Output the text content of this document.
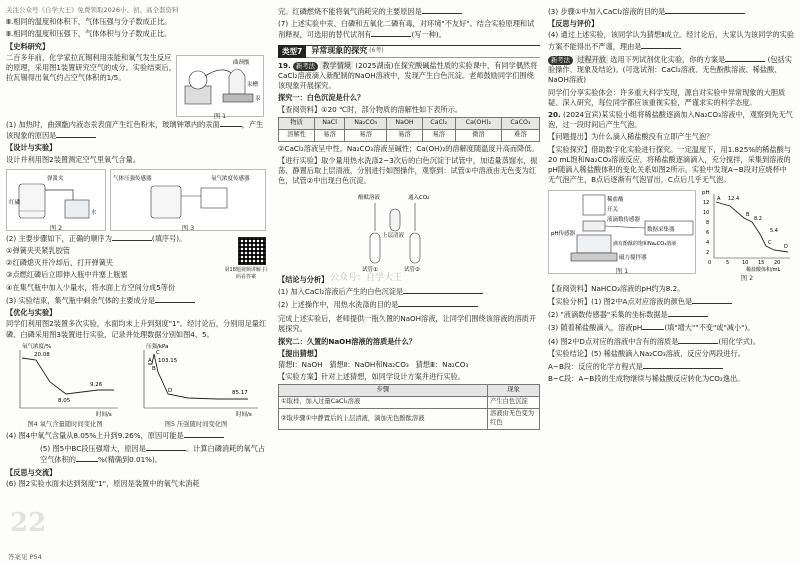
关注公众号《自学大王》免费领取2026小、初、高全套资料

Ⅲ.相同的温度和体积下，气体压强与分子数成正比。

Ⅲ.相同的温度和压强下，气体体积与分子数成正比。

【史料研究】

二百多年前，化学家拉瓦锡利用汞能和氧气发生反应的原理，采用图1装置研究空气的成分。实验结束后，拉瓦锡得出氧气约占空气体积的1/5。

曲颈甑
汞槽
汞
图 1

(1) 加热时，曲颈甑内液态汞表面产生红色粉末，玻璃钟罩内的汞面	，产生该现象的原因是

【设计与实验】

设计并利用图2装置测定空气里氧气含量。

弹簧夹
红磷
水
图 2
气体压强传感器	氧气浓度传感器
图 3

(2) 主要步骤如下，正确的顺序为	(填序号)。

①弹簧夹夹紧乳胶管

②红磷熄灭并冷却后，打开弹簧夹

③点燃红磷后立即伸入瓶中并塞上瓶塞

④在集气瓶中加入少量水，将水面上方空间分成5等份

第18题视频讲解 扫码看答案

(3) 实验结束，集气瓶中剩余气体的主要成分是

【优化与实验】

同学们利用图2装置多次实验，水面均未上升到刻度"1"。经讨论后，分别用足量红磷、白磷采用图3装置进行实验，记录并处理数据分别如图4、5。

氧气浓度/%
时间/s
20.08
8.05
9.26
图4 氧气含量随时间变化图
压强/kPa
时间/s
103.15
85.17
A
B
C
D
图5 压强随时间变化图

(4) 图4中氧气含量从8.05%上升到9.26%，原因可能是

(5) 图5中BC段压强增大，原因是	。计算白磷消耗的氧气占空气体积的	%(精确到0.01%)。

【反思与交流】

(6) 图2实验水面未达到刻度"1"，原因是装置中的氧气未消耗

完。红磷燃烧不能将氧气消耗完的主要原因是

(7) 上述实验中汞、白磷和五氧化二磷有毒，对环境"不友好"。结合实验原理和试剂释视，可选用的替代试剂有	(写一种)。

类型7	异常现象的探究 (6考)

19. 新考法 教学情境 (2025湖南)在探究酸碱盐性质的实验课中，有同学偶然将CaCl₂溶液滴入新配制的NaOH溶液中，发现产生白色沉淀。老师鼓励同学们围绕该现象开展探究。

探究一：白色沉淀是什么？

【查阅资料】①20 ℃时，部分物质的溶解性如下表所示。

物质	NaCl	Na₂CO₃	NaOH	CaCl₂	Ca(OH)₂	CaCO₃
溶解性	易溶	易溶	易溶	易溶	微溶	难溶

②CaCl₂溶液呈中性，Na₂CO₃溶液呈碱性；Ca(OH)₂的溶解度随温度升高而降低。

【进行实验】取少量用热水洗涤2~3次后的白色沉淀于试管中，加适量蒸馏水，振荡、静置后取上层清液，分别进行如图操作，观察到：试管①中溶液由无色变为红色，试管②中出现白色沉淀。

酚酞溶液	通入CO₂
上层清液
试管①	试管②
【结论与分析】

(1) 加入CaCl₂溶液后产生的白色沉淀是

(2) 上述操作中，用热水洗涤的目的是

完成上述实验后，老师提供一瓶久置的NaOH溶液，让同学们围绕该溶液的溶质开展探究。

探究二：久置的NaOH溶液的溶质是什么？
【提出猜想】

猜想Ⅰ：NaOH 猜想Ⅱ：NaOH和Na₂CO₃ 猜想Ⅲ：Na₂CO₃

【实验方案】针对上述猜想，如同学设计方案并进行实验。

步骤	现象
①取样，加入过量CaCl₂溶液	产生白色沉淀
②取步骤①中静置后的上层清液，滴加无色酚酞溶液	溶液由无色变为红色

(3) 步骤①中加入CaCl₂溶液的目的是

【反思与评价】

(4) 通过上述实验，该同学认为猜想Ⅱ成立。经讨论后，大家认为该同学的实验方案不能得出不严谨，理由是

新考法 过程开放 选用下列试剂优化实验，你的方案是	(包括实验操作、现象及结论)。(可选试剂：CaCl₂溶液、无色酚酞溶液、稀盐酸、NaOH溶液)

同学们分享实验体会：许多重大科学发现，源自对实验中异常现象的大胆质疑、深入研究，每位同学都应该重视实验，严谨求实的科学态度。

20. (2024宜宾)某实验小组将稀盐酸逐滴加入Na₂CO₃溶液中，观察到先无气泡，过一段时间后产生气泡。

【问题提出】为什么滴入稀盐酸没有立即产生气泡？

【实验探究】借助数字化实验进行探究。一定温度下，用1.825%的稀盐酸与20 mL饱和Na₂CO₃溶液反应，将稀盐酸逐滴滴入，充分搅拌，采集到溶液的pH随滴入稀盐酸体积的变化关系如图2所示。实验中发现A~B段对应烧杯中无气泡产生，B点后逐渐有气泡冒出，C点后几乎无气泡。

稀盐酸
开关
pH传感器
液滴数传感器
数据采集器
滴有酚酞的饱和Na₂CO₃溶液
磁力搅拌器
图 1
pH
12
10
8
6
4
2
0	5	10 15 20
稀盐酸体积/mL
A
B
C
D
12.4
8.2
5.4
图 2

【查阅资料】NaHCO₃溶液的pH约为8.2。

【实验分析】(1) 图2中A点对应溶液的颜色是

(2) "液滴数传感器"采集的坐标数据是

(3) 随着稀盐酸滴入，溶液pH	(填"增大""不变"或"减小")。

(4) 图2中D点对应的溶液中含有的溶质是	(用化学式)。

【实验结论】(5) 稀盐酸滴入Na₂CO₃溶液，反应分两段进行。

A~B段：反应的化学方程式是

B~C段：A~B段的生成物继续与稀盐酸反应转化为CO₂逸出。

公众号：自学大王
22
答案见 P54
